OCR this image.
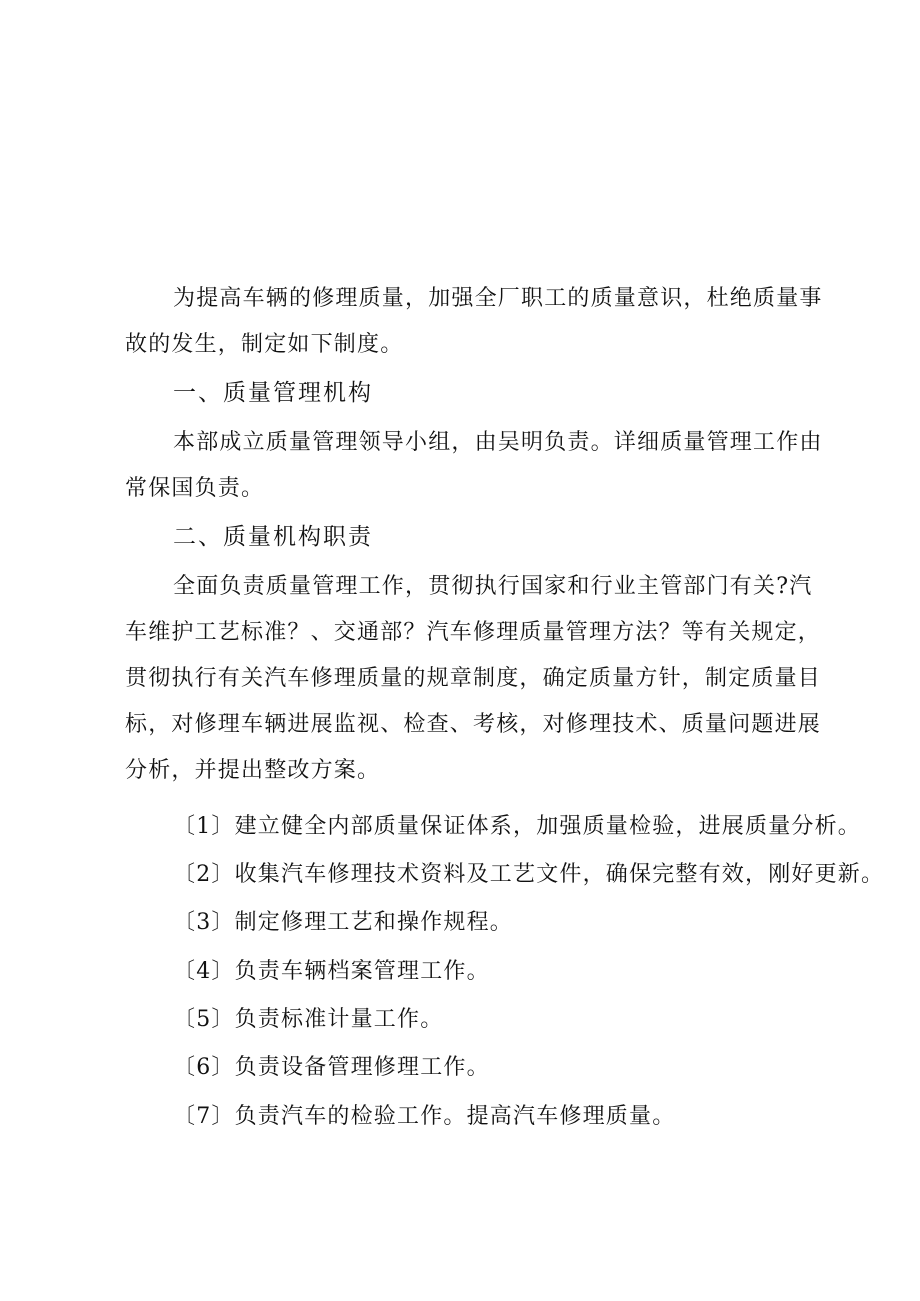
为提高车辆的修理质量，加强全厂职工的质量意识，杜绝质量事故的发生，制定如下制度。

一、质量管理机构

本部成立质量管理领导小组，由吴明负责。详细质量管理工作由常保国负责。

二、质量机构职责

全面负责质量管理工作，贯彻执行国家和行业主管部门有关?汽车维护工艺标准？、交通部？汽车修理质量管理方法？等有关规定，贯彻执行有关汽车修理质量的规章制度，确定质量方针，制定质量目标，对修理车辆进展监视、检查、考核，对修理技术、质量问题进展分析，并提出整改方案。

〔1〕建立健全内部质量保证体系，加强质量检验，进展质量分析。

〔2〕收集汽车修理技术资料及工艺文件，确保完整有效，刚好更新。

〔3〕制定修理工艺和操作规程。

〔4〕负责车辆档案管理工作。

〔5〕负责标准计量工作。

〔6〕负责设备管理修理工作。

〔7〕负责汽车的检验工作。提高汽车修理质量。
